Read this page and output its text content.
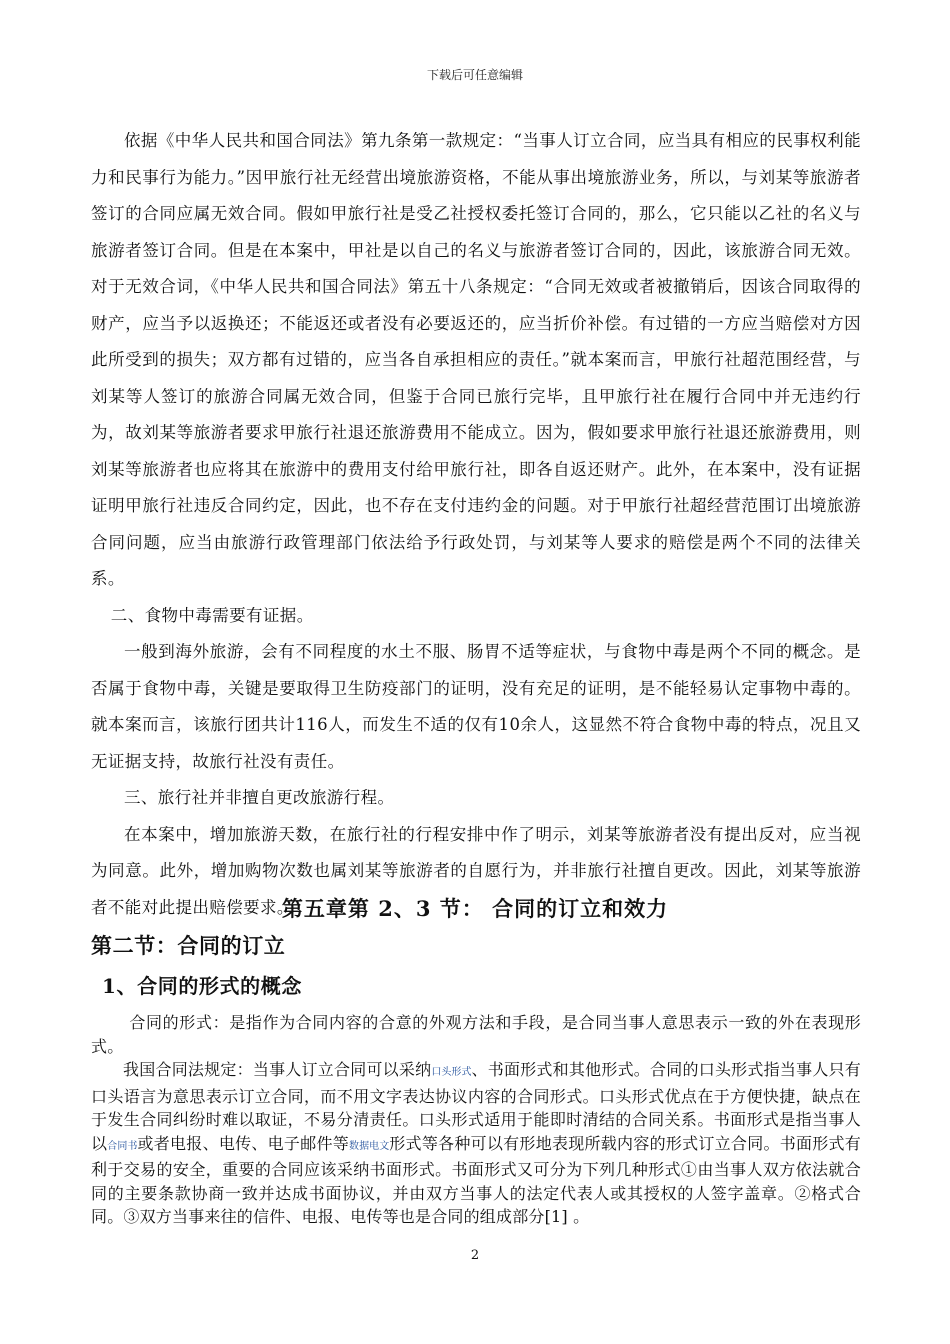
下载后可任意编辑

依据《中华人民共和国合同法》第九条第一款规定：“当事人订立合同，应当具有相应的民事权利能力和民事行为能力。”因甲旅行社无经营出境旅游资格，不能从事出境旅游业务，所以，与刘某等旅游者签订的合同应属无效合同。假如甲旅行社是受乙社授权委托签订合同的，那么，它只能以乙社的名义与旅游者签订合同。但是在本案中，甲社是以自己的名义与旅游者签订合同的，因此，该旅游合同无效。对于无效合词，《中华人民共和国合同法》第五十八条规定：“合同无效或者被撤销后，因该合同取得的财产，应当予以返换还；不能返还或者没有必要返还的，应当折价补偿。有过错的一方应当赔偿对方因此所受到的损失；双方都有过错的，应当各自承担相应的责任。”就本案而言，甲旅行社超范围经营，与刘某等人签订的旅游合同属无效合同，但鉴于合同已旅行完毕，且甲旅行社在履行合同中并无违约行为，故刘某等旅游者要求甲旅行社退还旅游费用不能成立。因为，假如要求甲旅行社退还旅游费用，则刘某等旅游者也应将其在旅游中的费用支付给甲旅行社，即各自返还财产。此外，在本案中，没有证据证明甲旅行社违反合同约定，因此，也不存在支付违约金的问题。对于甲旅行社超经营范围订出境旅游合同问题，应当由旅游行政管理部门依法给予行政处罚，与刘某等人要求的赔偿是两个不同的法律关系。

二、食物中毒需要有证据。

一般到海外旅游，会有不同程度的水土不服、肠胃不适等症状，与食物中毒是两个不同的概念。是否属于食物中毒，关键是要取得卫生防疫部门的证明，没有充足的证明，是不能轻易认定事物中毒的。就本案而言，该旅行团共计116人，而发生不适的仅有10余人，这显然不符合食物中毒的特点，况且又无证据支持，故旅行社没有责任。

三、旅行社并非擅自更改旅游行程。

在本案中，增加旅游天数，在旅行社的行程安排中作了明示，刘某等旅游者没有提出反对，应当视为同意。此外，增加购物次数也属刘某等旅游者的自愿行为，并非旅行社擅自更改。因此，刘某等旅游者不能对此提出赔偿要求。

第五章第 2、3 节： 合同的订立和效力
第二节：合同的订立
1、合同的形式的概念

合同的形式：是指作为合同内容的合意的外观方法和手段，是合同当事人意思表示一致的外在表现形式。

我国合同法规定：当事人订立合同可以采纳口头形式、书面形式和其他形式。合同的口头形式指当事人只有口头语言为意思表示订立合同，而不用文字表达协议内容的合同形式。口头形式优点在于方便快捷，缺点在于发生合同纠纷时难以取证，不易分清责任。口头形式适用于能即时清结的合同关系。书面形式是指当事人以合同书或者电报、电传、电子邮件等数据电文形式等各种可以有形地表现所载内容的形式订立合同。书面形式有利于交易的安全，重要的合同应该采纳书面形式。书面形式又可分为下列几种形式①由当事人双方依法就合同的主要条款协商一致并达成书面协议，并由双方当事人的法定代表人或其授权的人签字盖章。②格式合同。③双方当事来往的信件、电报、电传等也是合同的组成部分[1] 。

2
